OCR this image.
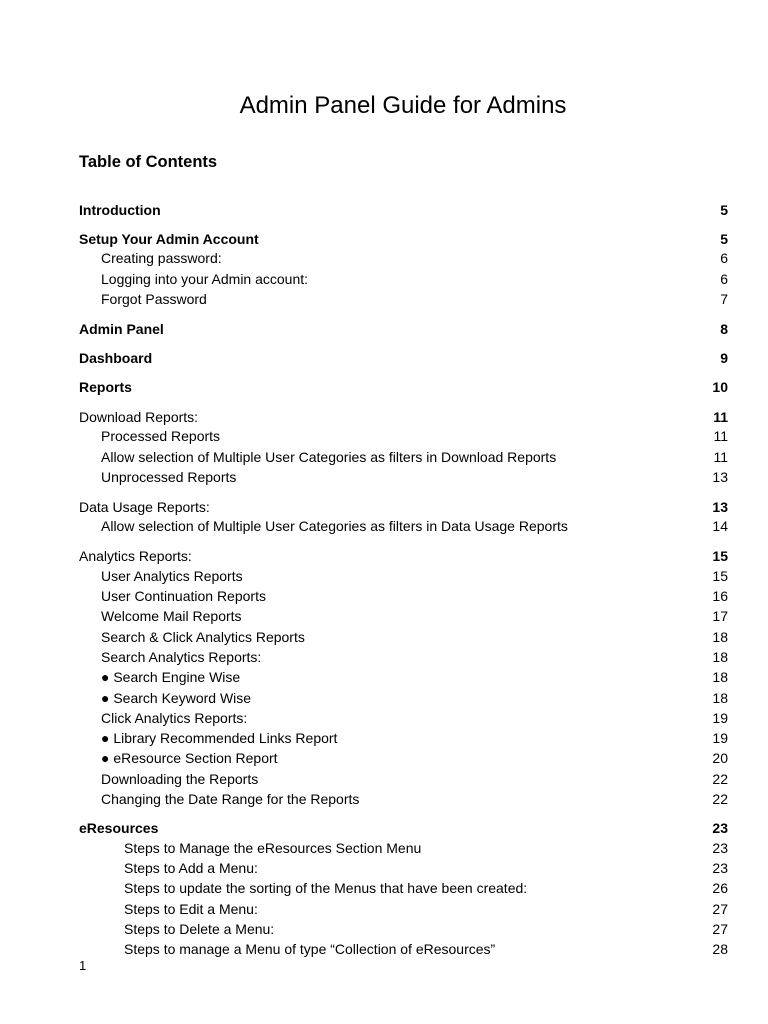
Admin Panel Guide for Admins
Table of Contents
Introduction	5
Setup Your Admin Account	5
Creating password:	6
Logging into your Admin account:	6
Forgot Password	7
Admin Panel	8
Dashboard	9
Reports	10
Download Reports:	11
Processed Reports	11
Allow selection of Multiple User Categories as filters in Download Reports	11
Unprocessed Reports	13
Data Usage Reports:	13
Allow selection of Multiple User Categories as filters in Data Usage Reports	14
Analytics Reports:	15
User Analytics Reports	15
User Continuation Reports	16
Welcome Mail Reports	17
Search & Click Analytics Reports	18
Search Analytics Reports:	18
● Search Engine Wise	18
● Search Keyword Wise	18
Click Analytics Reports:	19
● Library Recommended Links Report	19
● eResource Section Report	20
Downloading the Reports	22
Changing the Date Range for the Reports	22
eResources	23
Steps to Manage the eResources Section Menu	23
Steps to Add a Menu:	23
Steps to update the sorting of the Menus that have been created:	26
Steps to Edit a Menu:	27
Steps to Delete a Menu:	27
Steps to manage a Menu of type “Collection of eResources”	28
1
